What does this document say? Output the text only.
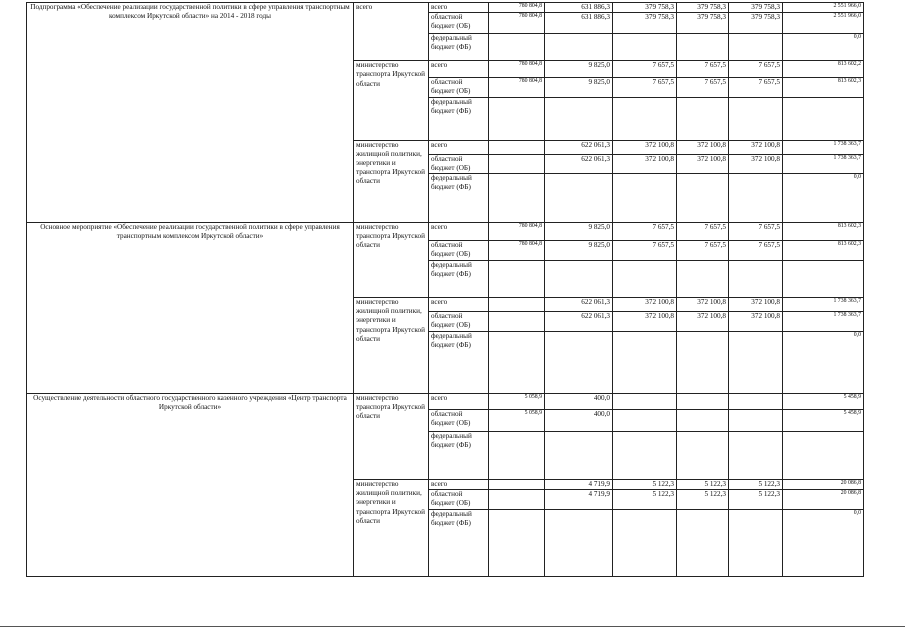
Подпрограмма «Обеспечение реализации государственной политики в сфере управления транспортным комплексом Иркутской области» на 2014 - 2018 годы	всего	всего	780 804,8	631 886,3	379 758,3	379 758,3	379 758,3	2 551 966,0
		областной бюджет (ОБ)	780 804,8	631 886,3	379 758,3	379 758,3	379 758,3	2 551 966,0
		федеральный бюджет (ФБ)						0,0
	министерство транспорта Иркутской области	всего	780 804,8	9 825,0	7 657,5	7 657,5	7 657,5	813 602,2
		областной бюджет (ОБ)	780 804,8	9 825,0	7 657,5	7 657,5	7 657,5	813 602,3
		федеральный бюджет (ФБ)						
	министерство жилищной политики, энергетики и транспорта Иркутской области	всего		622 061,3	372 100,8	372 100,8	372 100,8	1 738 363,7
		областной бюджет (ОБ)		622 061,3	372 100,8	372 100,8	372 100,8	1 738 363,7
		федеральный бюджет (ФБ)						0,0
Основное мероприятие «Обеспечение реализации государственной политики в сфере управления транспортным комплексом Иркутской области»	министерство транспорта Иркутской области	всего	780 804,8	9 825,0	7 657,5	7 657,5	7 657,5	813 602,3
		областной бюджет (ОБ)	780 804,8	9 825,0	7 657,5	7 657,5	7 657,5	813 602,3
		федеральный бюджет (ФБ)						
	министерство жилищной политики, энергетики и транспорта Иркутской области	всего		622 061,3	372 100,8	372 100,8	372 100,8	1 738 363,7
		областной бюджет (ОБ)		622 061,3	372 100,8	372 100,8	372 100,8	1 738 363,7
		федеральный бюджет (ФБ)						0,0
Осуществление деятельности областного государственного казенного учреждения «Центр транспорта Иркутской области»	министерство транспорта Иркутской области	всего	5 058,9	400,0				5 458,9
		областной бюджет (ОБ)	5 058,9	400,0				5 458,9
		федеральный бюджет (ФБ)						
	министерство жилищной политики, энергетики и транспорта Иркутской области	всего		4 719,9	5 122,3	5 122,3	5 122,3	20 086,8
		областной бюджет (ОБ)		4 719,9	5 122,3	5 122,3	5 122,3	20 086,8
		федеральный бюджет (ФБ)						0,0
